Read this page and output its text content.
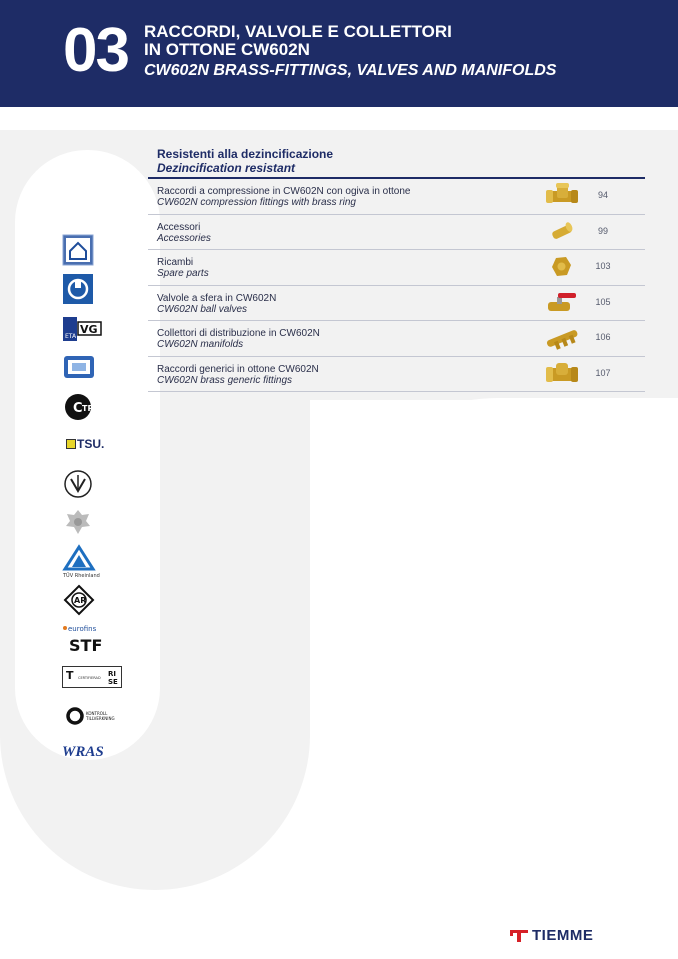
03 RACCORDI, VALVOLE E COLLETTORI
IN OTTONE CW602N
CW602N BRASS-FITTINGS, VALVES AND MANIFOLDS
Resistenti alla dezincificazione
Dezincification resistant
Raccordi a compressione in CW602N con ogiva in ottone
CW602N compression fittings with brass ring
94
Accessori
Accessories
99
Ricambi
Spare parts
103
Valvole a sfera in CW602N
CW602N ball valves
105
Collettori di distribuzione in CW602N
CW602N manifolds
106
Raccordi generici in ottone CW602N
CW602N brass generic fittings
107
ETA
VG
C TP
TSU.
TÜV Rheinland
AR
eurofins
STF
T CERTIFIERAD RI
SE
KONTROLL
TILLVERKNING
WRAS
TIEMME
